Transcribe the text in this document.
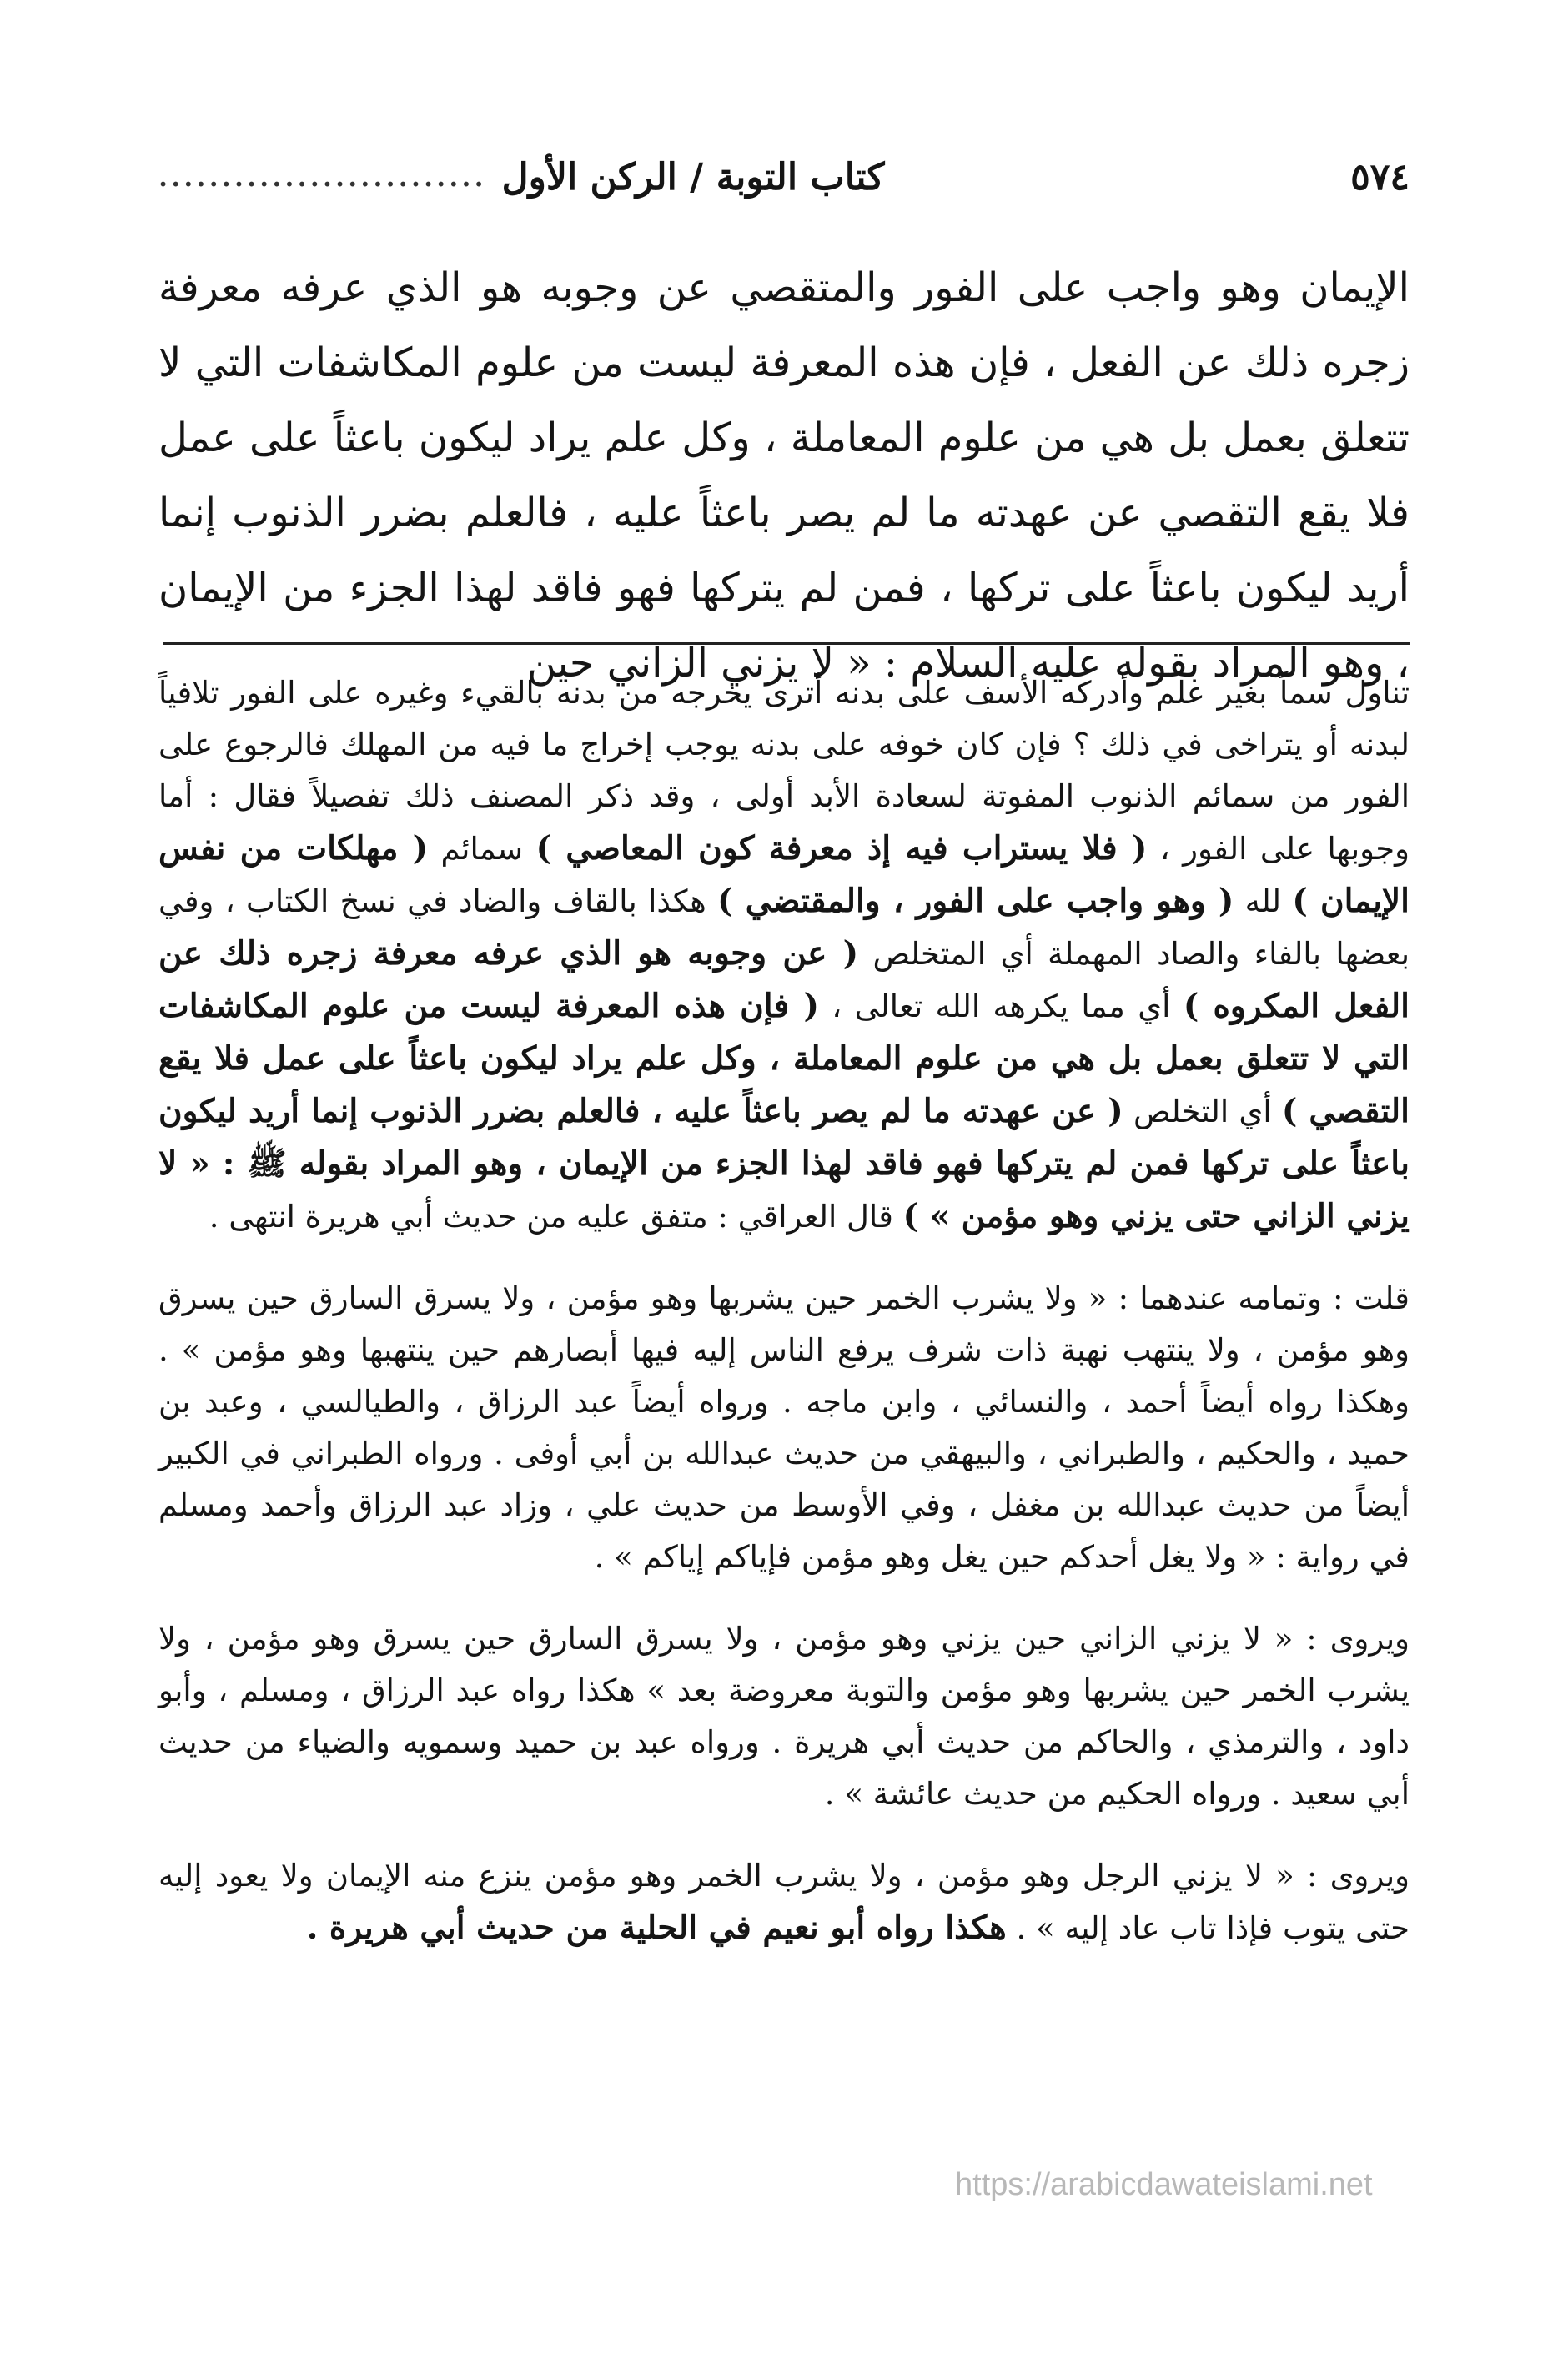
٥٧٤
كتاب التوبة / الركن الأول
..........................

الإيمان وهو واجب على الفور والمتقصي عن وجوبه هو الذي عرفه معرفة زجره ذلك عن الفعل ، فإن هذه المعرفة ليست من علوم المكاشفات التي لا تتعلق بعمل بل هي من علوم المعاملة ، وكل علم يراد ليكون باعثاً على عمل فلا يقع التقصي عن عهدته ما لم يصر باعثاً عليه ، فالعلم بضرر الذنوب إنما أريد ليكون باعثاً على تركها ، فمن لم يتركها فهو فاقد لهذا الجزء من الإيمان ، وهو المراد بقوله عليه السلام : « لا يزني الزاني حين

تناول سماً بغير علم وأدركه الأسف على بدنه أترى يخرجه من بدنه بالقيء وغيره على الفور تلافياً لبدنه أو يتراخى في ذلك ؟ فإن كان خوفه على بدنه يوجب إخراج ما فيه من المهلك فالرجوع على الفور من سمائم الذنوب المفوتة لسعادة الأبد أولى ، وقد ذكر المصنف ذلك تفصيلاً فقال : أما وجوبها على الفور ، ( فلا يستراب فيه إذ معرفة كون المعاصي ) سمائم ( مهلكات من نفس الإيمان ) لله ( وهو واجب على الفور ، والمقتضي ) هكذا بالقاف والضاد في نسخ الكتاب ، وفي بعضها بالفاء والصاد المهملة أي المتخلص ( عن وجوبه هو الذي عرفه معرفة زجره ذلك عن الفعل المكروه ) أي مما يكرهه الله تعالى ، ( فإن هذه المعرفة ليست من علوم المكاشفات التي لا تتعلق بعمل بل هي من علوم المعاملة ، وكل علم يراد ليكون باعثاً على عمل فلا يقع التقصي ) أي التخلص ( عن عهدته ما لم يصر باعثاً عليه ، فالعلم بضرر الذنوب إنما أريد ليكون باعثاً على تركها فمن لم يتركها فهو فاقد لهذا الجزء من الإيمان ، وهو المراد بقوله ﷺ : « لا يزني الزاني حتى يزني وهو مؤمن » ) قال العراقي : متفق عليه من حديث أبي هريرة انتهى .

قلت : وتمامه عندهما : « ولا يشرب الخمر حين يشربها وهو مؤمن ، ولا يسرق السارق حين يسرق وهو مؤمن ، ولا ينتهب نهبة ذات شرف يرفع الناس إليه فيها أبصارهم حين ينتهبها وهو مؤمن » . وهكذا رواه أيضاً أحمد ، والنسائي ، وابن ماجه . ورواه أيضاً عبد الرزاق ، والطيالسي ، وعبد بن حميد ، والحكيم ، والطبراني ، والبيهقي من حديث عبدالله بن أبي أوفى . ورواه الطبراني في الكبير أيضاً من حديث عبدالله بن مغفل ، وفي الأوسط من حديث علي ، وزاد عبد الرزاق وأحمد ومسلم في رواية : « ولا يغل أحدكم حين يغل وهو مؤمن فإياكم إياكم » .

ويروى : « لا يزني الزاني حين يزني وهو مؤمن ، ولا يسرق السارق حين يسرق وهو مؤمن ، ولا يشرب الخمر حين يشربها وهو مؤمن والتوبة معروضة بعد » هكذا رواه عبد الرزاق ، ومسلم ، وأبو داود ، والترمذي ، والحاكم من حديث أبي هريرة . ورواه عبد بن حميد وسمويه والضياء من حديث أبي سعيد . ورواه الحكيم من حديث عائشة » .

ويروى : « لا يزني الرجل وهو مؤمن ، ولا يشرب الخمر وهو مؤمن ينزع منه الإيمان ولا يعود إليه حتى يتوب فإذا تاب عاد إليه » . هكذا رواه أبو نعيم في الحلية من حديث أبي هريرة .

https://arabicdawateislami.net
